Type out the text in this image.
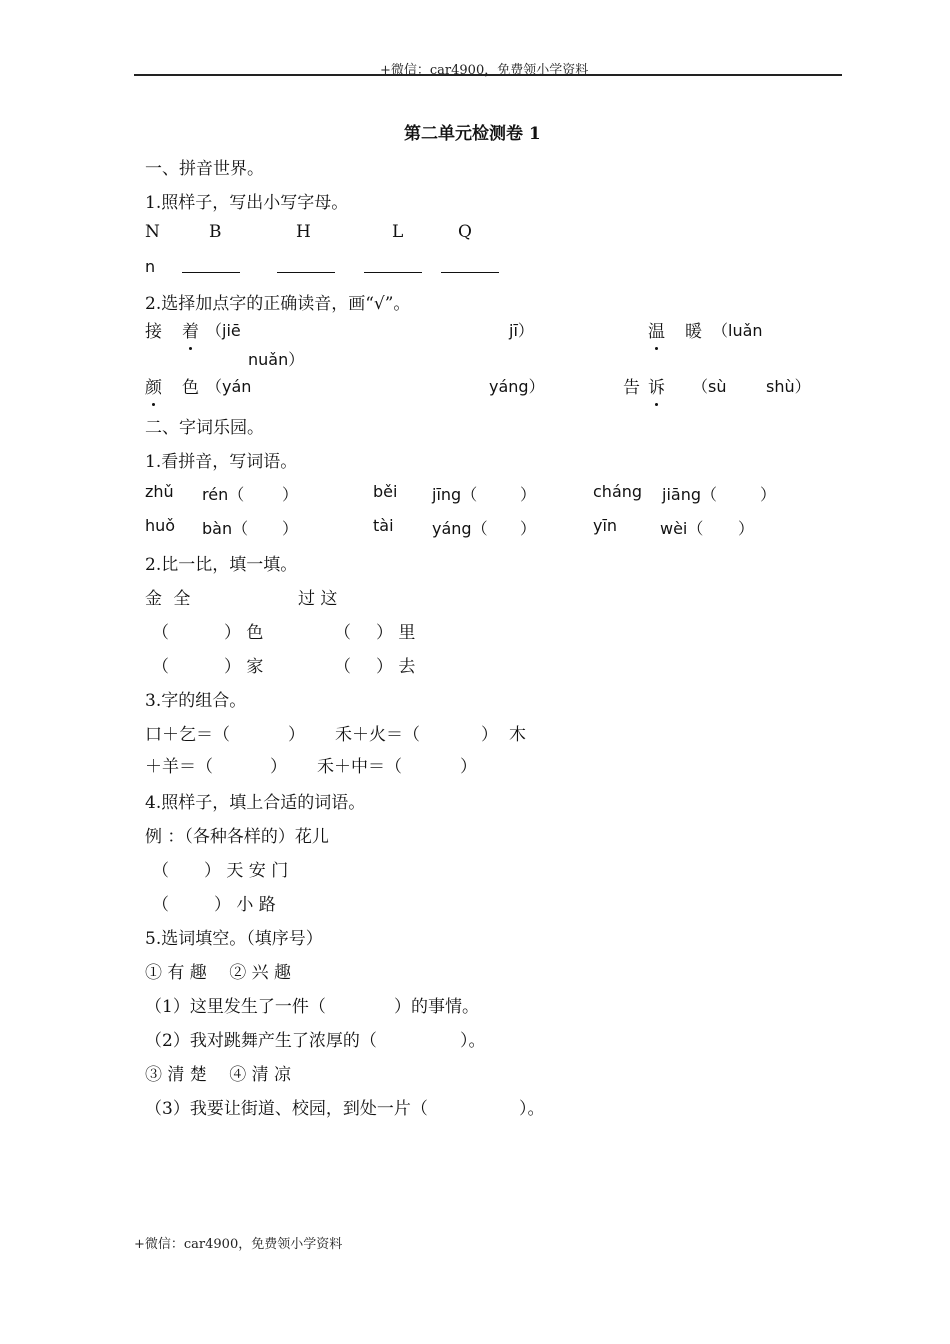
+微信：car4900，免费领小学资料
+微信：car4900，免费领小学资料
第二单元检测卷 1
一、拼音世界。
1.照样子，写出小写字母。
N	B	H	L	Q
n
2.选择加点字的正确读音，画“√”。
接 着 （jiē	jī）	温 暖 （luǎn
nuǎn）
颜 色 （yán	yáng）	告 诉 （sù shù）
二、字词乐园。
1.看拼音，写词语。
zhǔ rén（ ）	běi jīng（	）	cháng jiāng（	）
huǒ bàn（ ）	tài yáng（ ）	yīn	wèi（ ）
2.比一比，填一填。
金 全	过 这
（	） 色	（ ） 里
（	） 家	（ ） 去
3.字的组合。
口＋乞＝（	） 禾＋火＝（	） 木
＋羊＝（	） 禾＋中＝（	）
4.照样子，填上合适的词语。
例 ：（各种各样的）花儿
（ ） 天 安 门
（	） 小 路
5.选词填空。（填序号）
① 有 趣　 ② 兴 趣
（1）这里发生了一件（	）的事情。
（2）我对跳舞产生了浓厚的（	）。
③ 清 楚　 ④ 清 凉
（3）我要让街道、校园，到处一片（	）。
